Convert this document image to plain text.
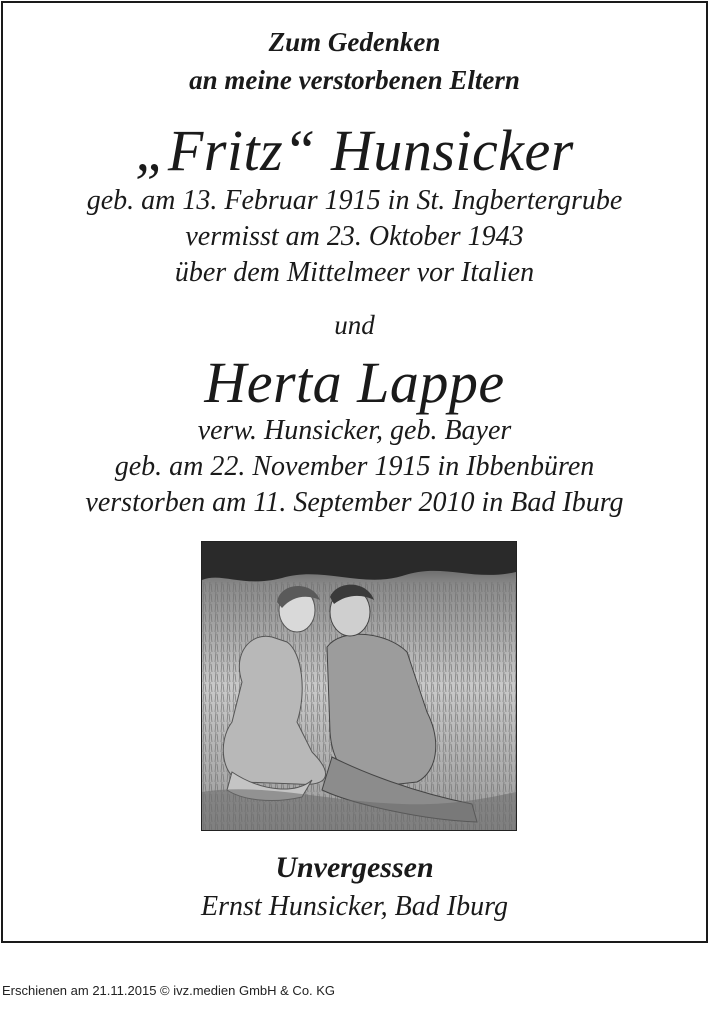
Zum Gedenken

an meine verstorbenen Eltern

„Fritz“ Hunsicker

geb. am 13. Februar 1915 in St. Ingbertergrube

vermisst am 23. Oktober 1943

über dem Mittelmeer vor Italien

und

Herta Lappe

verw. Hunsicker, geb. Bayer

geb. am 22. November 1915 in Ibbenbüren

verstorben am 11. September 2010 in Bad Iburg

Unvergessen

Ernst Hunsicker, Bad Iburg

Erschienen am 21.11.2015 © ivz.medien GmbH & Co. KG
